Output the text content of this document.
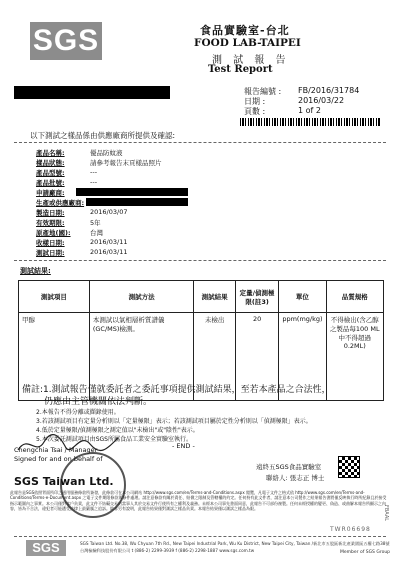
SGS	食品實驗室-台北
FOOD LAB-TAIPEI
測 試 報 告
Test Report
報告編號 : FB/2016/31784
日期 :	2016/03/22
頁數 :	1 of 2
以下測試之樣品係由供應廠商所提供及確認:
產品名稱:	優品防蚊液
樣品狀態:	請參考報告末頁樣品照片
產品型號:	---
產品批號:	---
申請廠商:
生產或供應廠商:
製造日期:	2016/03/07
有效期限:	5年
原產地(國):	台灣
收樣日期:	2016/03/11
測試日期:	2016/03/11
測試結果:
測試項目	測試方法	測試結果	定量/偵測極限(註3)	單位	品質規格
甲醇	本測試以氣相層析質譜儀(GC/MS)檢測。	未檢出	20	ppm(mg/kg)	不得檢出(含乙醇之製品每100 ML中不得超過0.2ML)
備註:1.測試報告僅就委託者之委託事項提供測試結果，至若本產品之合法性，
仍應由主管機關依法判斷。
2.本報告不得分離或擷錄使用。
3.若該測試項目有定量分析則以「定量極限」表示；若該測試項目屬於定性分析則以「偵測極限」表示。
4.低於定量極限/偵測極限之測定值以"未檢出"或"陰性"表示。
5.本次委託測試項目由SGS所屬食品工業安全實驗室執行。
- END -
Chengchia Tsai / Manager
Signed for and on behalf of
SGS Taiwan Ltd.
遠終五SGS食品實驗室
聯絡人: 張志正 博士
此報告是SGS依照背面所印之通用服務條款所簽發，此條款可在本公司網站 http://www.sgs.com/en/Terms-and-Conditions.aspx 閱覽，凡電子文件之格式依 http://www.sgs.com/en/Terms-and-Conditions/Terms-e-Document.aspx 之電子文件期限條款與條件處理。請注意條款有關於責任、賠償之限制及管轄權的約定。任何持有此文件者，請注意本公司製作之結果報告書將僅反映執行時所紀錄且於接受指示範圍內之事實。本公司僅對客戶負責，此文件不妨礙交易的當事人其於交易文件行使所有之權利及義務。未經本公司事先書面同意，此報告不可部份複製。任何未經授權的變更、偽造、或曲解本報告所顯示之內容，皆為不合法，違犯者可能遭受法律上最嚴厲之追訴。除非另有說明，此報告結果僅對測試之樣品負責。本報告結果僅以測試之樣品為限。
TWR06698
FBAAL
SGS	SGS Taiwan Ltd. No.38, Wu Chyuan 7th Rd., New Taipei Industrial Park, Wu Ku District, New Taipei City, Taiwan /新北市五股區新北產業園區五權七路38號
台灣檢驗科技股份有限公司 t (886-2) 2299-3939 f (886-2) 2298-1887 www.sgs.com.tw	Member of SGS Group
